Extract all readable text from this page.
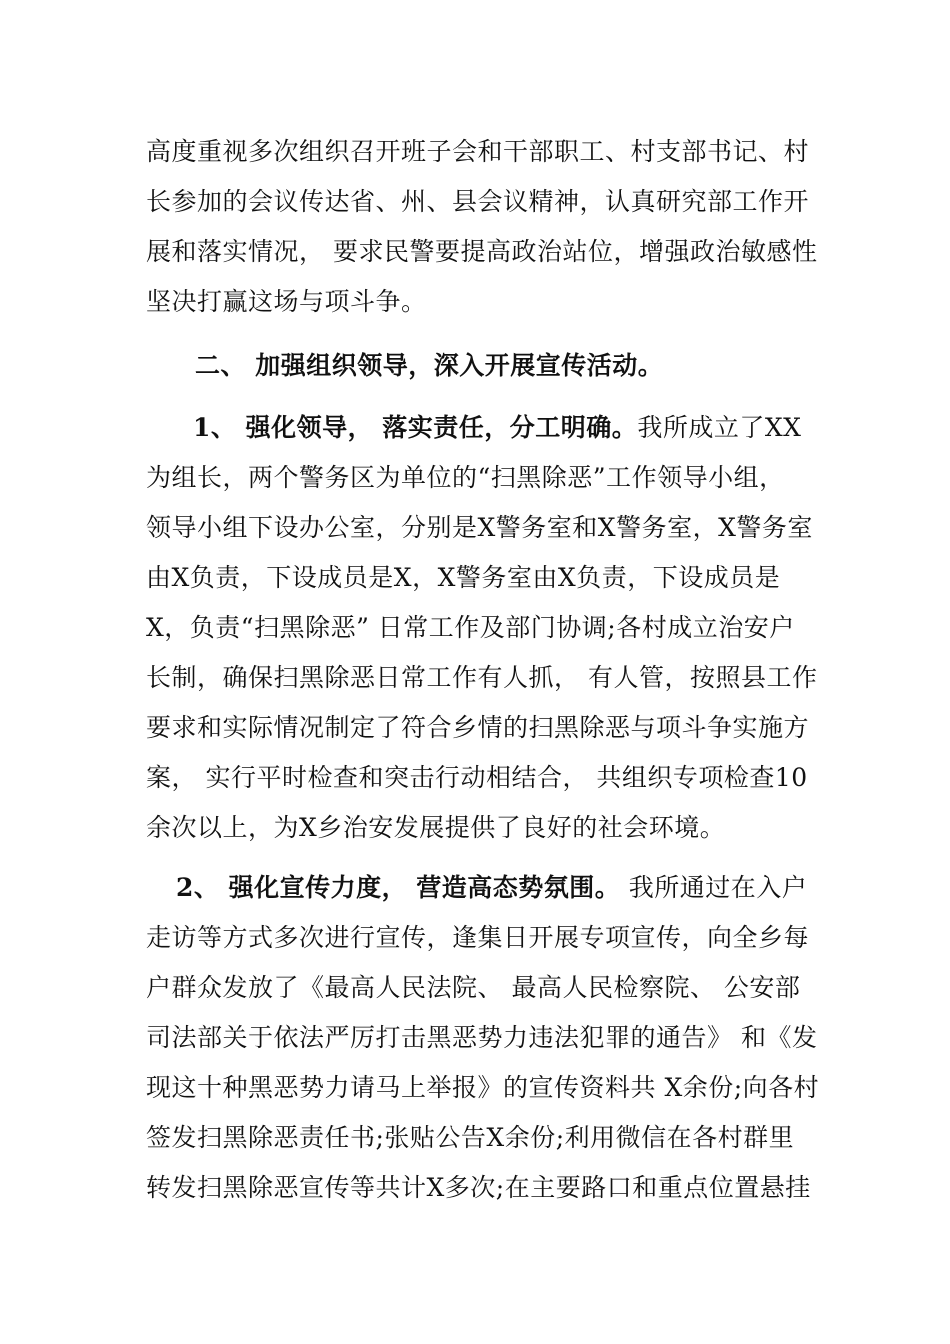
高度重视多次组织召开班子会和干部职工、村支部书记、村
长参加的会议传达省、州、县会议精神，认真研究部工作开
展和落实情况， 要求民警要提高政治站位，增强政治敏感性
坚决打赢这场与项斗争。
二、 加强组织领导，深入开展宣传活动。
1、 强化领导， 落实责任，分工明确。我所成立了XX
为组长，两个警务区为单位的“扫黑除恶”工作领导小组，
领导小组下设办公室，分别是X警务室和X警务室，X警务室
由X负责，下设成员是X，X警务室由X负责，下设成员是
X，负责“扫黑除恶” 日常工作及部门协调;各村成立治安户
长制，确保扫黑除恶日常工作有人抓， 有人管，按照县工作
要求和实际情况制定了符合乡情的扫黑除恶与项斗争实施方
案， 实行平时检查和突击行动相结合， 共组织专项检查10
余次以上，为X乡治安发展提供了良好的社会环境。
2、 强化宣传力度， 营造高态势氛围。 我所通过在入户
走访等方式多次进行宣传，逢集日开展专项宣传，向全乡每
户群众发放了《最高人民法院、 最高人民检察院、 公安部
司法部关于依法严厉打击黑恶势力违法犯罪的通告》 和《发
现这十种黑恶势力请马上举报》的宣传资料共 X余份;向各村
签发扫黑除恶责任书;张贴公告X余份;利用微信在各村群里
转发扫黑除恶宣传等共计X多次;在主要路口和重点位置悬挂
